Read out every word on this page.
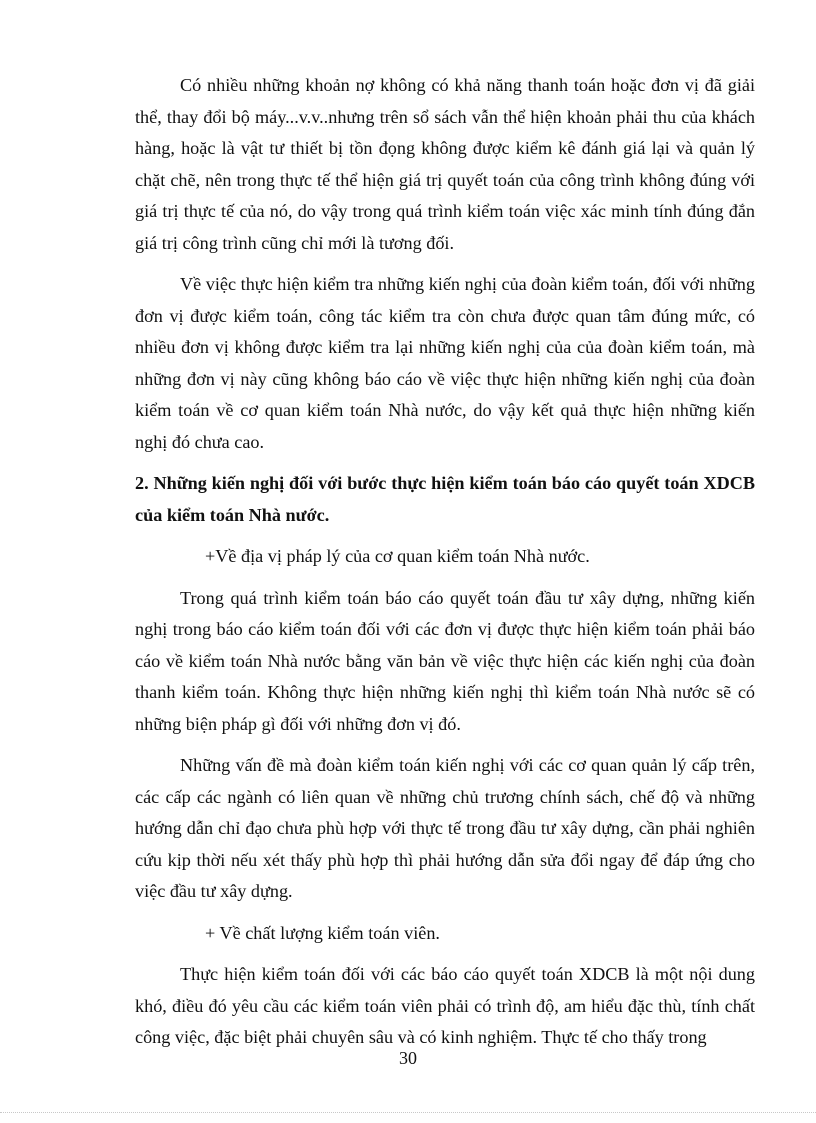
Có nhiều những khoản nợ không có khả năng thanh toán hoặc đơn vị đã giải thể, thay đổi bộ máy...v.v..nhưng trên sổ sách vẫn thể hiện khoản phải thu của khách hàng, hoặc là vật tư thiết bị tồn đọng không được kiểm kê đánh giá lại và quản lý chặt chẽ, nên trong thực tế thể hiện giá trị quyết toán của công trình không đúng với giá trị thực tế của nó, do vậy trong quá trình kiểm toán việc xác minh tính đúng đắn giá trị công trình cũng chỉ mới là tương đối.

Về việc thực hiện kiểm tra những kiến nghị của đoàn kiểm toán, đối với những đơn vị được kiểm toán, công tác kiểm tra còn chưa được quan tâm đúng mức, có nhiều đơn vị không được kiểm tra lại những kiến nghị của của đoàn kiểm toán, mà những đơn vị này cũng không báo cáo về việc thực hiện những kiến nghị của đoàn kiểm toán về cơ quan kiểm toán Nhà nước, do vậy kết quả thực hiện những kiến nghị đó chưa cao.

2. Những kiến nghị đối với bước thực hiện kiểm toán báo cáo quyết toán XDCB của kiểm toán Nhà nước.

+Về địa vị pháp lý của cơ quan kiểm toán Nhà nước.

Trong quá trình kiểm toán báo cáo quyết toán đầu tư xây dựng, những kiến nghị trong báo cáo kiểm toán đối với các đơn vị được thực hiện kiểm toán phải báo cáo về kiểm toán Nhà nước bằng văn bản về việc thực hiện các kiến nghị của đoàn thanh kiểm toán. Không thực hiện những kiến nghị thì kiểm toán Nhà nước sẽ có những biện pháp gì đối với những đơn vị đó.

Những vấn đề mà đoàn kiểm toán kiến nghị với các cơ quan quản lý cấp trên, các cấp các ngành có liên quan về những chủ trương chính sách, chế độ và những hướng dẫn chỉ đạo chưa phù hợp với thực tế trong đầu tư xây dựng, cần phải nghiên cứu kịp thời nếu xét thấy phù hợp thì phải hướng dẫn sửa đổi ngay để đáp ứng cho việc đầu tư xây dựng.

+ Về chất lượng kiểm toán viên.

Thực hiện kiểm toán đối với các báo cáo quyết toán XDCB là một nội dung khó, điều đó yêu cầu các kiểm toán viên phải có trình độ, am hiểu đặc thù, tính chất công việc, đặc biệt phải chuyên sâu và có kinh nghiệm. Thực tế cho thấy trong

30
